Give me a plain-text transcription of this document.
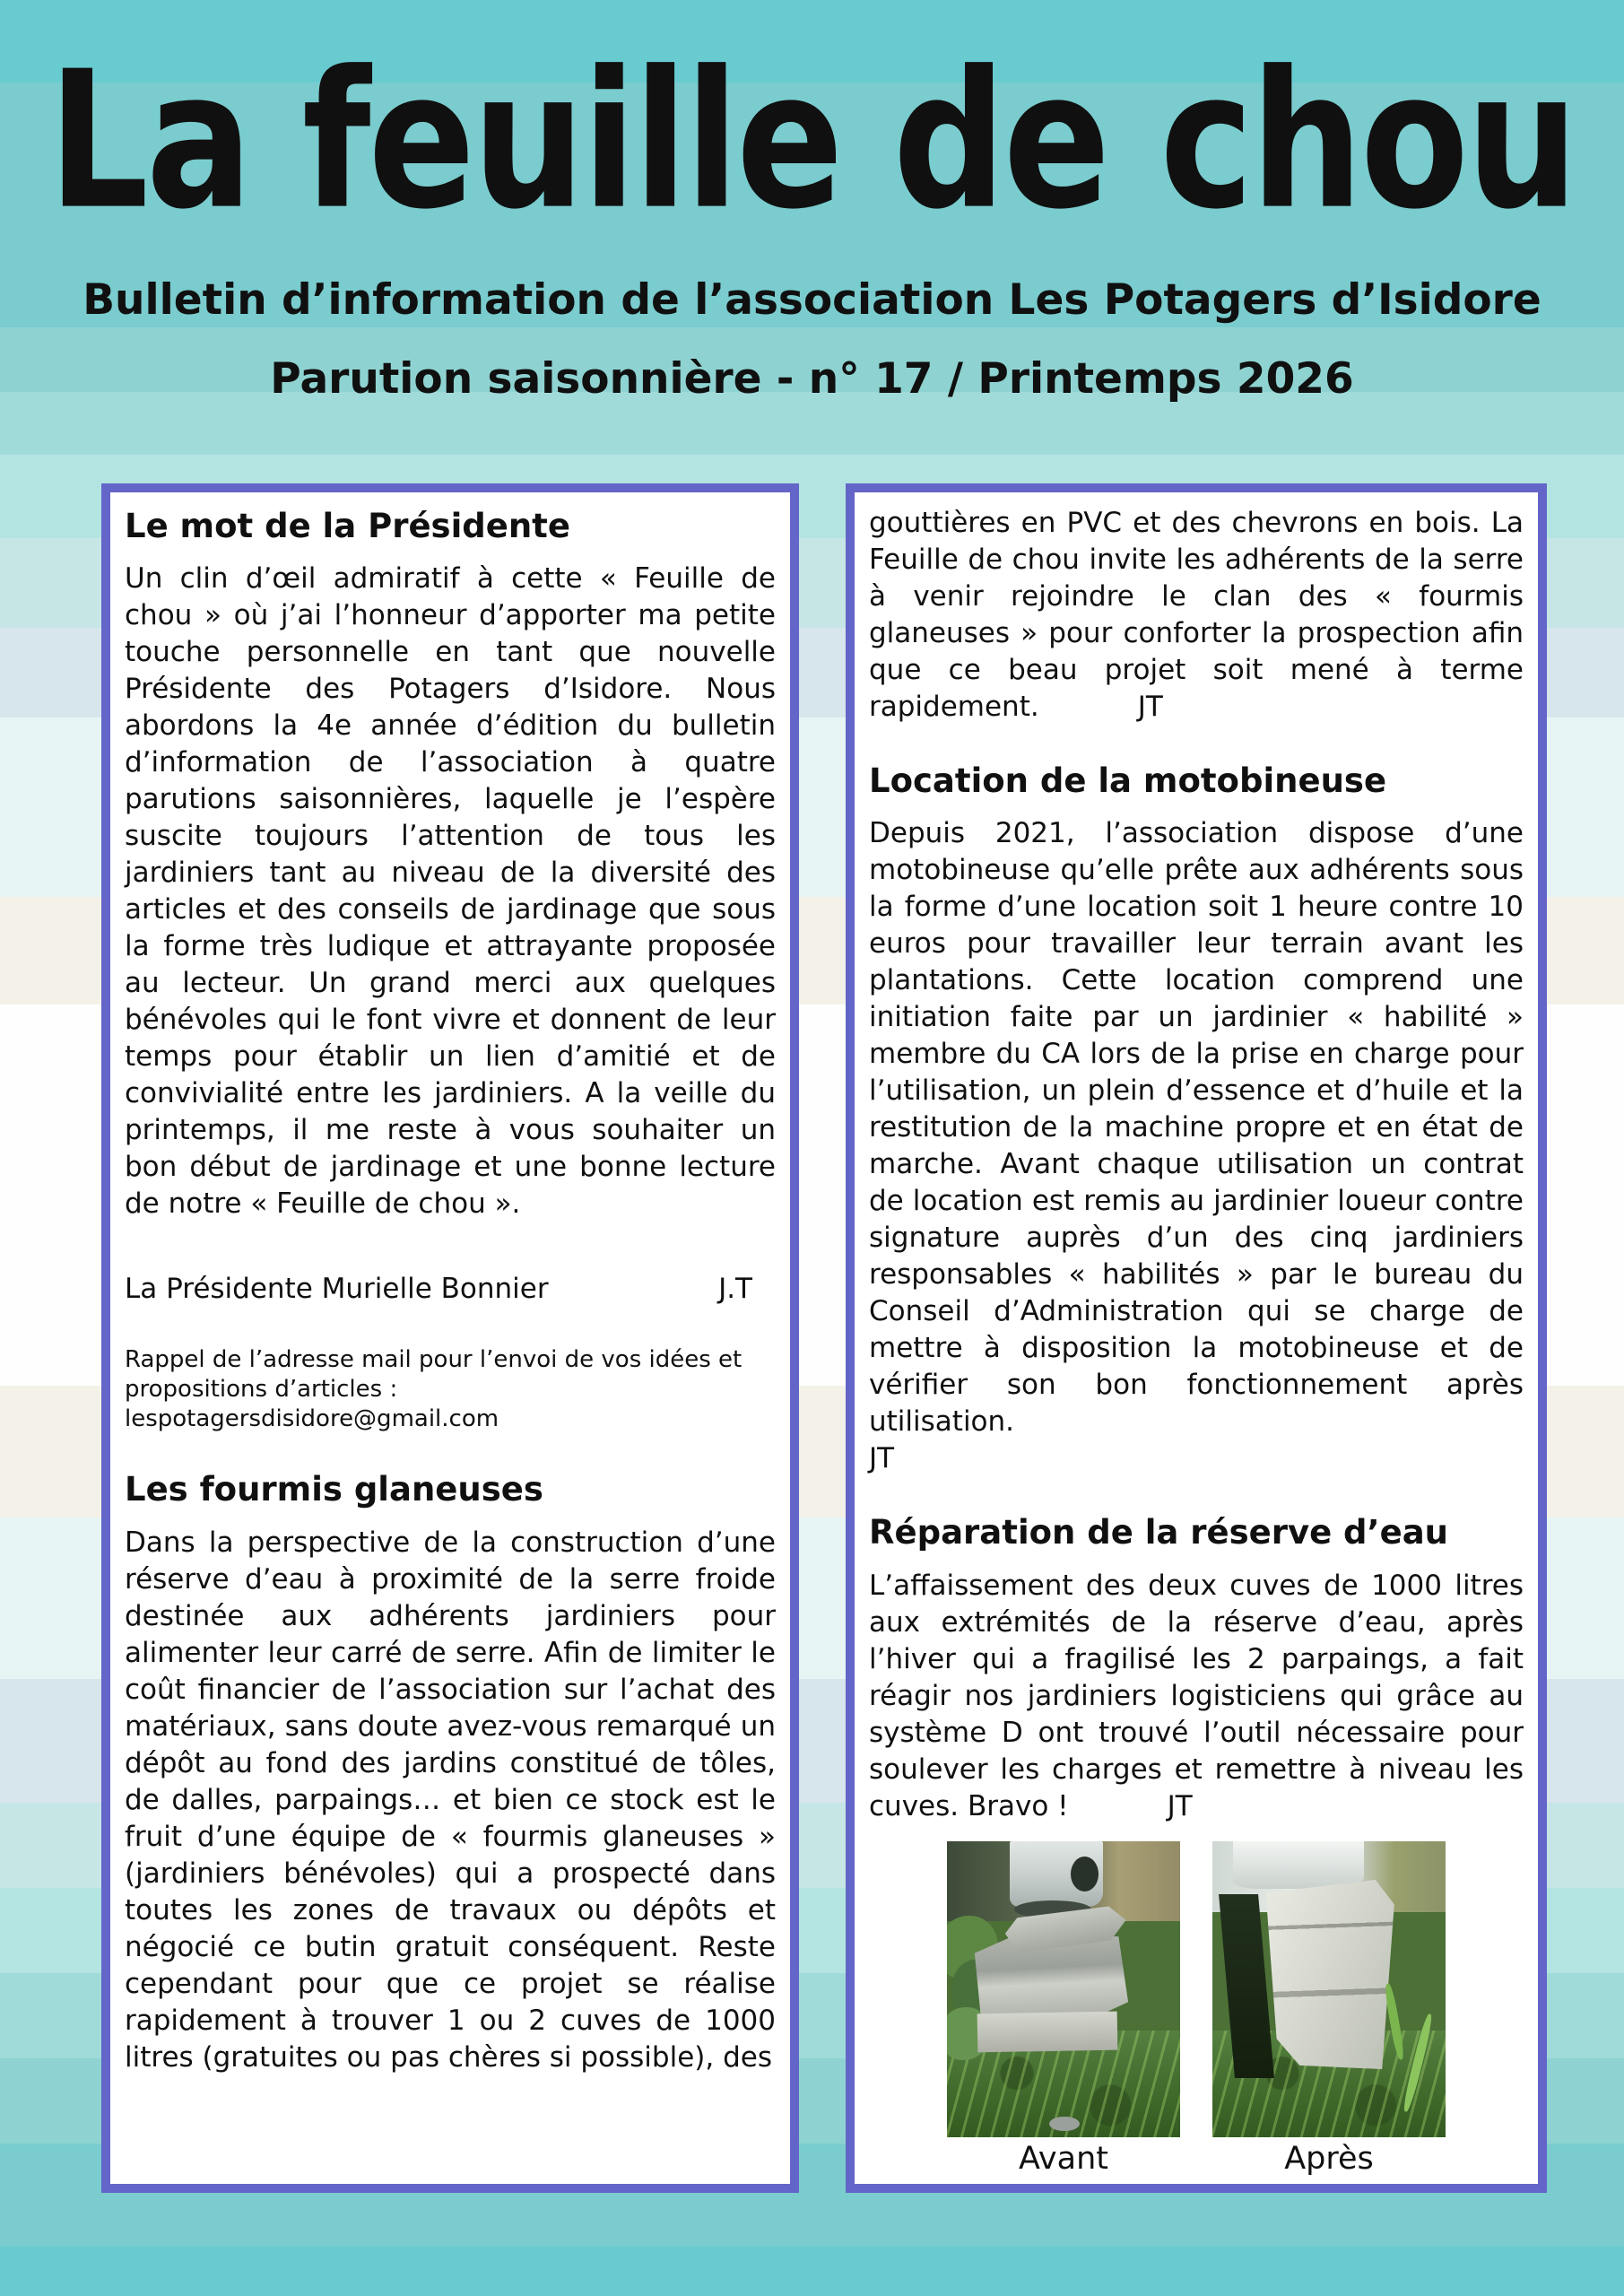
La feuille de chou
Bulletin d’information de l’association Les Potagers d’Isidore
Parution saisonnière - n° 17 / Printemps 2026
Le mot de la Présidente

Un clin d’œil admiratif à cette « Feuille de chou » où j’ai l’honneur d’apporter ma petite touche personnelle en tant que nouvelle Présidente des Potagers d’Isidore. Nous abordons la 4e année d’édition du bulletin d’information de l’association à quatre parutions saisonnières, laquelle je l’espère suscite toujours l’attention de tous les jardiniers tant au niveau de la diversité des articles et des conseils de jardinage que sous la forme très ludique et attrayante proposée au lecteur. Un grand merci aux quelques bénévoles qui le font vivre et donnent de leur temps pour établir un lien d’amitié et de convivialité entre les jardiniers. A la veille du printemps, il me reste à vous souhaiter un bon début de jardinage et une bonne lecture de notre « Feuille de chou ».

La Présidente Murielle Bonnier	J.T

Rappel de l’adresse mail pour l’envoi de vos idées et propositions d’articles : lespotagersdisidore@gmail.com

Les fourmis glaneuses

Dans la perspective de la construction d’une réserve d’eau à proximité de la serre froide destinée aux adhérents jardiniers pour alimenter leur carré de serre. Afin de limiter le coût financier de l’association sur l’achat des matériaux, sans doute avez-vous remarqué un dépôt au fond des jardins constitué de tôles, de dalles, parpaings… et bien ce stock est le fruit d’une équipe de « fourmis glaneuses » (jardiniers bénévoles) qui a prospecté dans toutes les zones de travaux ou dépôts et négocié ce butin gratuit conséquent. Reste cependant pour que ce projet se réalise rapidement à trouver 1 ou 2 cuves de 1000 litres (gratuites ou pas chères si possible), des

gouttières en PVC et des chevrons en bois. La Feuille de chou invite les adhérents de la serre à venir rejoindre le clan des « fourmis glaneuses » pour conforter la prospection afin que ce beau projet soit mené à terme rapidement.	JT

Location de la motobineuse

Depuis 2021, l’association dispose d’une motobineuse qu’elle prête aux adhérents sous la forme d’une location soit 1 heure contre 10 euros pour travailler leur terrain avant les plantations. Cette location comprend une initiation faite par un jardinier « habilité » membre du CA lors de la prise en charge pour l’utilisation, un plein d’essence et d’huile et la restitution de la machine propre et en état de marche. Avant chaque utilisation un contrat de location est remis au jardinier loueur contre signature auprès d’un des cinq jardiniers responsables « habilités » par le bureau du Conseil d’Administration qui se charge de mettre à disposition la motobineuse et de vérifier son bon fonctionnement après utilisation.

JT
Réparation de la réserve d’eau

L’affaissement des deux cuves de 1000 litres aux extrémités de la réserve d’eau, après l’hiver qui a fragilisé les 2 parpaings, a fait réagir nos jardiniers logisticiens qui grâce au système D ont trouvé l’outil nécessaire pour soulever les charges et remettre à niveau les cuves. Bravo !	JT

Avant	Après
